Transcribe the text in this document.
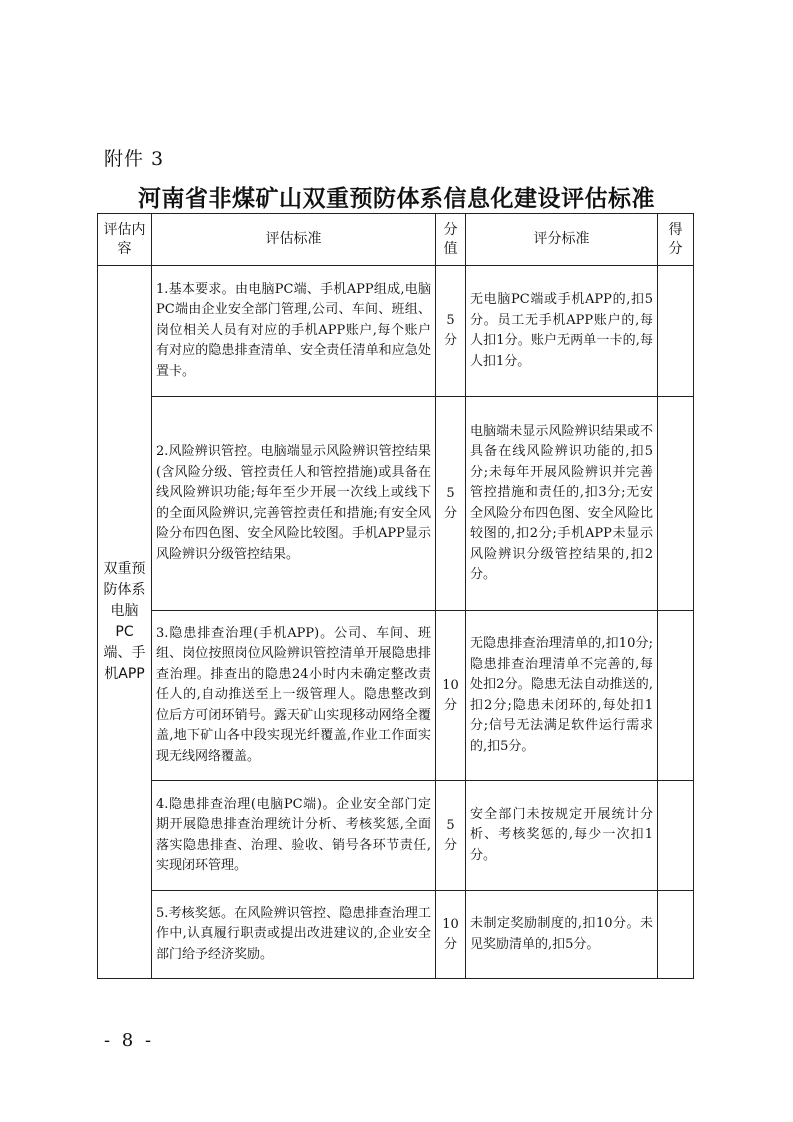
附件 3
河南省非煤矿山双重预防体系信息化建设评估标准
评估内容	评估标准	分值	评分标准	得分
双重预防体系电脑PC端、手机APP	1.基本要求。由电脑PC端、手机APP组成,电脑PC端由企业安全部门管理,公司、车间、班组、岗位相关人员有对应的手机APP账户,每个账户有对应的隐患排查清单、安全责任清单和应急处置卡。	5分	无电脑PC端或手机APP的,扣5分。员工无手机APP账户的,每人扣1分。账户无两单一卡的,每人扣1分。	
	2.风险辨识管控。电脑端显示风险辨识管控结果(含风险分级、管控责任人和管控措施)或具备在线风险辨识功能;每年至少开展一次线上或线下的全面风险辨识,完善管控责任和措施;有安全风险分布四色图、安全风险比较图。手机APP显示风险辨识分级管控结果。	5分	电脑端未显示风险辨识结果或不具备在线风险辨识功能的,扣5分;未每年开展风险辨识并完善管控措施和责任的,扣3分;无安全风险分布四色图、安全风险比较图的,扣2分;手机APP未显示风险辨识分级管控结果的,扣2分。	
	3.隐患排查治理(手机APP)。公司、车间、班组、岗位按照岗位风险辨识管控清单开展隐患排查治理。排查出的隐患24小时内未确定整改责任人的,自动推送至上一级管理人。隐患整改到位后方可闭环销号。露天矿山实现移动网络全覆盖,地下矿山各中段实现光纤覆盖,作业工作面实现无线网络覆盖。	10分	无隐患排查治理清单的,扣10分;隐患排查治理清单不完善的,每处扣2分。隐患无法自动推送的,扣2分;隐患未闭环的,每处扣1分;信号无法满足软件运行需求的,扣5分。	
	4.隐患排查治理(电脑PC端)。企业安全部门定期开展隐患排查治理统计分析、考核奖惩,全面落实隐患排查、治理、验收、销号各环节责任,实现闭环管理。	5分	安全部门未按规定开展统计分析、考核奖惩的,每少一次扣1分。	
	5.考核奖惩。在风险辨识管控、隐患排查治理工作中,认真履行职责或提出改进建议的,企业安全部门给予经济奖励。	10分	未制定奖励制度的,扣10分。未见奖励清单的,扣5分。	
- 8 -
